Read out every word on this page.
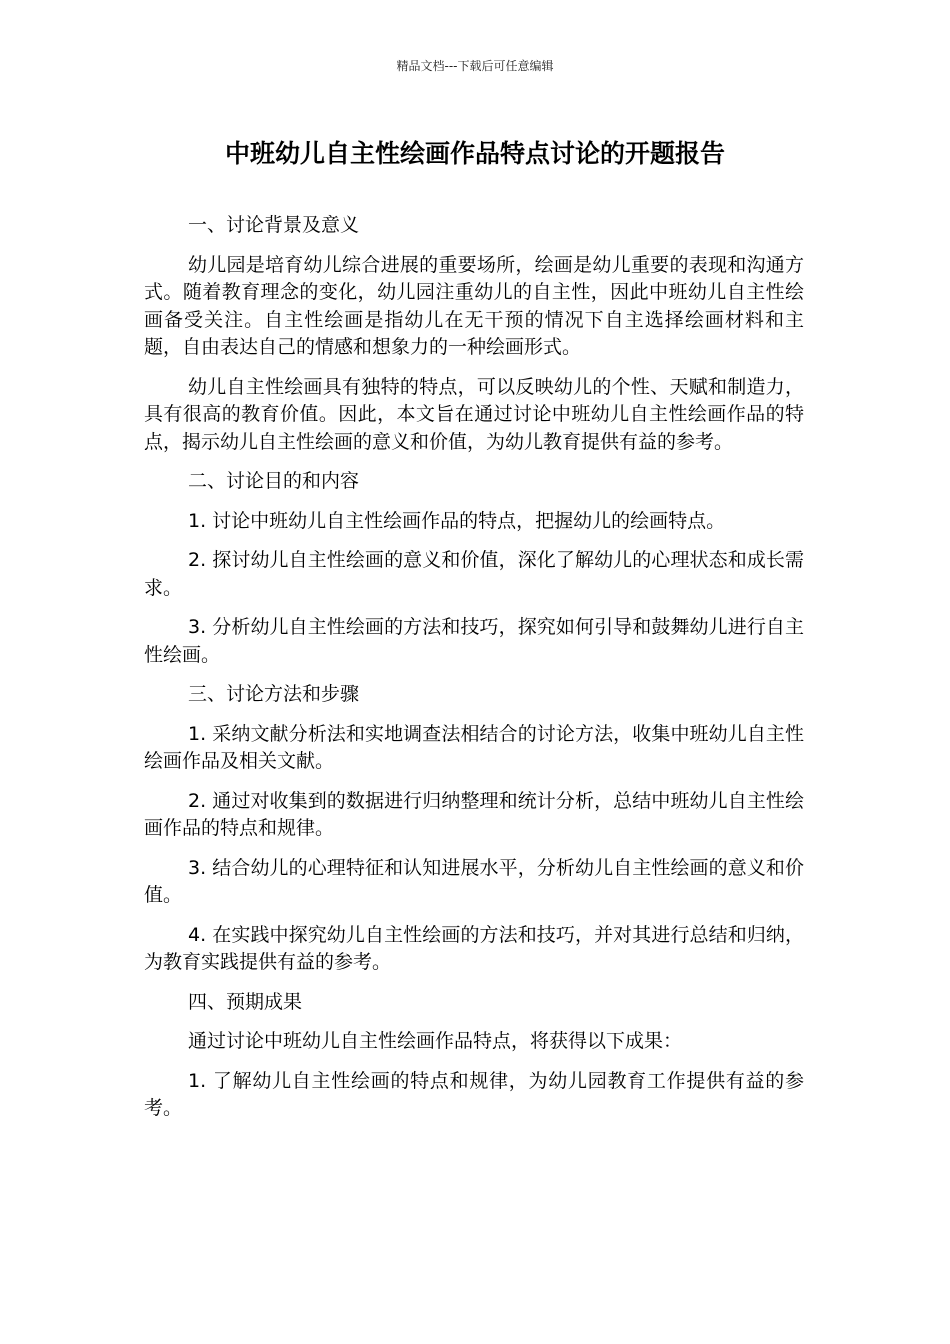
精品文档---下载后可任意编辑
中班幼儿自主性绘画作品特点讨论的开题报告

一、讨论背景及意义

幼儿园是培育幼儿综合进展的重要场所，绘画是幼儿重要的表现和沟通方式。随着教育理念的变化，幼儿园注重幼儿的自主性，因此中班幼儿自主性绘画备受关注。自主性绘画是指幼儿在无干预的情况下自主选择绘画材料和主题，自由表达自己的情感和想象力的一种绘画形式。

幼儿自主性绘画具有独特的特点，可以反映幼儿的个性、天赋和制造力，具有很高的教育价值。因此，本文旨在通过讨论中班幼儿自主性绘画作品的特点，揭示幼儿自主性绘画的意义和价值，为幼儿教育提供有益的参考。

二、讨论目的和内容

1. 讨论中班幼儿自主性绘画作品的特点，把握幼儿的绘画特点。

2. 探讨幼儿自主性绘画的意义和价值，深化了解幼儿的心理状态和成长需求。

3. 分析幼儿自主性绘画的方法和技巧，探究如何引导和鼓舞幼儿进行自主性绘画。

三、讨论方法和步骤

1. 采纳文献分析法和实地调查法相结合的讨论方法，收集中班幼儿自主性绘画作品及相关文献。

2. 通过对收集到的数据进行归纳整理和统计分析，总结中班幼儿自主性绘画作品的特点和规律。

3. 结合幼儿的心理特征和认知进展水平，分析幼儿自主性绘画的意义和价值。

4. 在实践中探究幼儿自主性绘画的方法和技巧，并对其进行总结和归纳，为教育实践提供有益的参考。

四、预期成果

通过讨论中班幼儿自主性绘画作品特点，将获得以下成果：

1. 了解幼儿自主性绘画的特点和规律，为幼儿园教育工作提供有益的参考。
